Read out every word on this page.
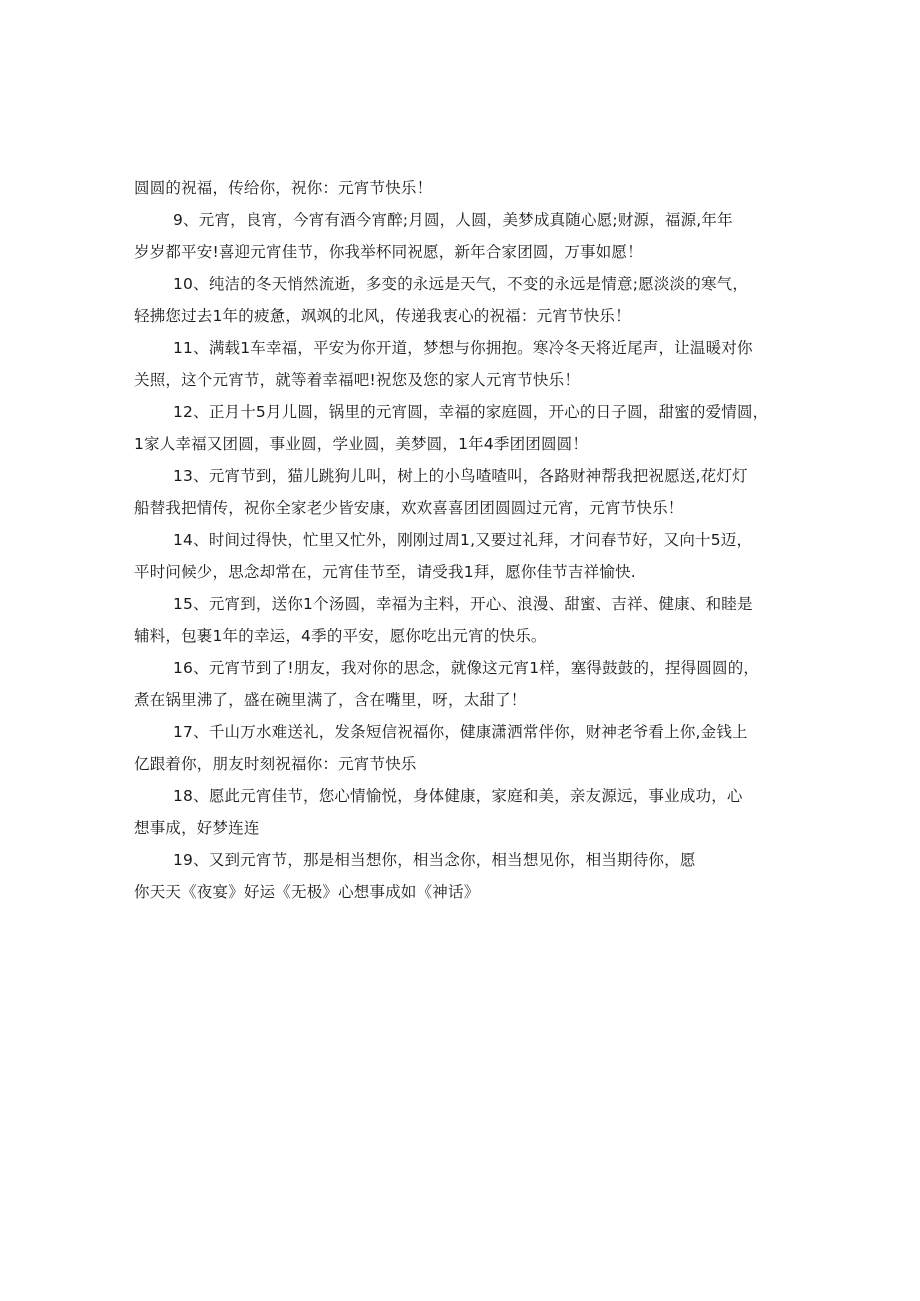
圆圆的祝福，传给你，祝你：元宵节快乐！
9、元宵，良宵，今宵有酒今宵醉;月圆，人圆，美梦成真随心愿;财源，福源,年年
岁岁都平安!喜迎元宵佳节，你我举杯同祝愿，新年合家团圆，万事如愿！
10、纯洁的冬天悄然流逝，多变的永远是天气，不变的永远是情意;愿淡淡的寒气，
轻拂您过去1年的疲惫，飒飒的北风，传递我衷心的祝福：元宵节快乐！
11、满载1车幸福，平安为你开道，梦想与你拥抱。寒冷冬天将近尾声，让温暖对你
关照，这个元宵节，就等着幸福吧!祝您及您的家人元宵节快乐！
12、正月十5月儿圆，锅里的元宵圆，幸福的家庭圆，开心的日子圆，甜蜜的爱情圆，
1家人幸福又团圆，事业圆，学业圆，美梦圆，1年4季团团圆圆！
13、元宵节到，猫儿跳狗儿叫，树上的小鸟喳喳叫，各路财神帮我把祝愿送,花灯灯
船替我把情传，祝你全家老少皆安康，欢欢喜喜团团圆圆过元宵，元宵节快乐！
14、时间过得快，忙里又忙外，刚刚过周1,又要过礼拜，才问春节好，又向十5迈，
平时问候少，思念却常在，元宵佳节至，请受我1拜，愿你佳节吉祥愉快.
15、元宵到，送你1个汤圆，幸福为主料，开心、浪漫、甜蜜、吉祥、健康、和睦是
辅料，包裹1年的幸运，4季的平安，愿你吃出元宵的快乐。
16、元宵节到了!朋友，我对你的思念，就像这元宵1样，塞得鼓鼓的，捏得圆圆的，
煮在锅里沸了，盛在碗里满了，含在嘴里，呀，太甜了！
17、千山万水难送礼，发条短信祝福你，健康潇洒常伴你，财神老爷看上你,金钱上
亿跟着你，朋友时刻祝福你：元宵节快乐
18、愿此元宵佳节，您心情愉悦，身体健康，家庭和美，亲友源远，事业成功，心
想事成，好梦连连
19、又到元宵节，那是相当想你，相当念你，相当想见你，相当期待你，愿
你天天《夜宴》好运《无极》心想事成如《神话》
